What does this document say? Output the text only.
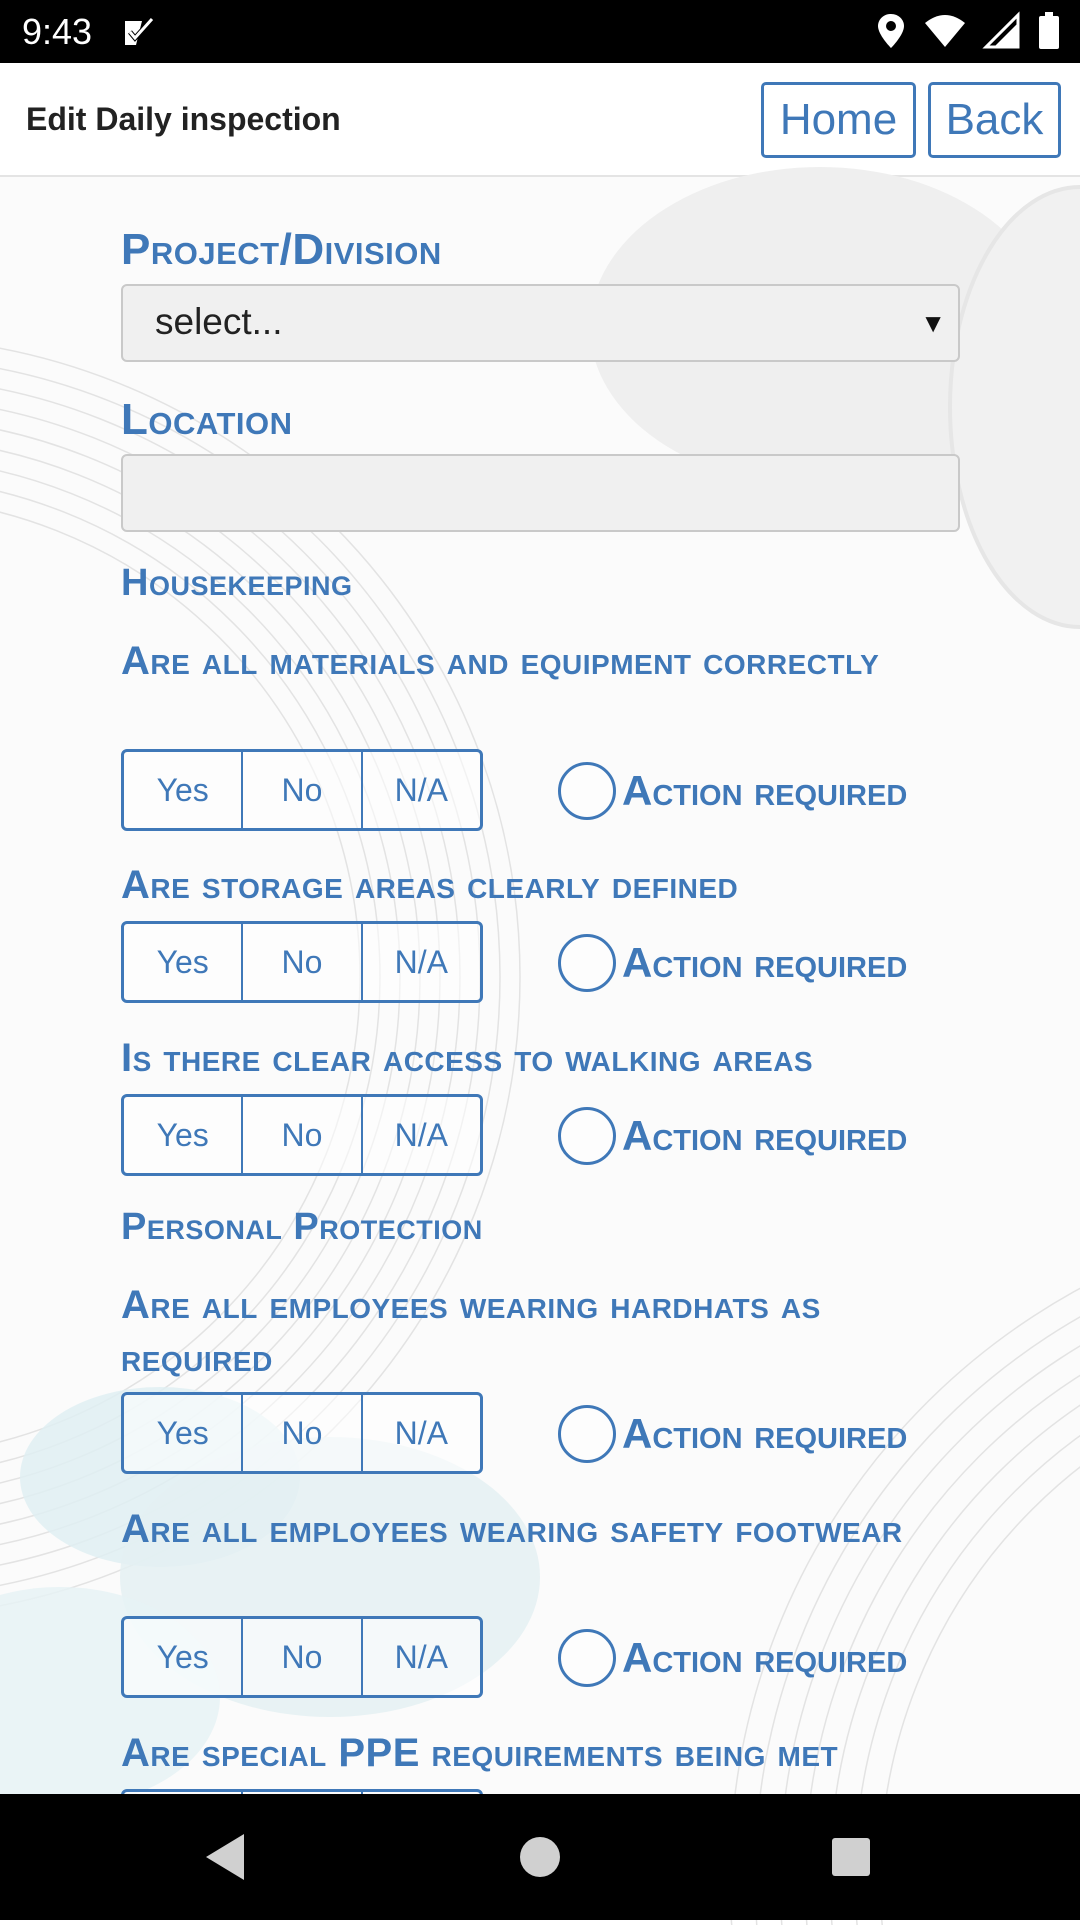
9:43
Edit Daily inspection	Home	Back
Project/Division
select...	▼
Location
Housekeeping
Are all materials and equipment correctly
Yes	No	N/A	Action required
Are storage areas clearly defined
Yes	No	N/A	Action required
Is there clear access to walking areas
Yes	No	N/A	Action required
Personal Protection
Are all employees wearing hardhats as required
Yes	No	N/A	Action required
Are all employees wearing safety footwear
Yes	No	N/A	Action required
Are special PPE requirements being met
